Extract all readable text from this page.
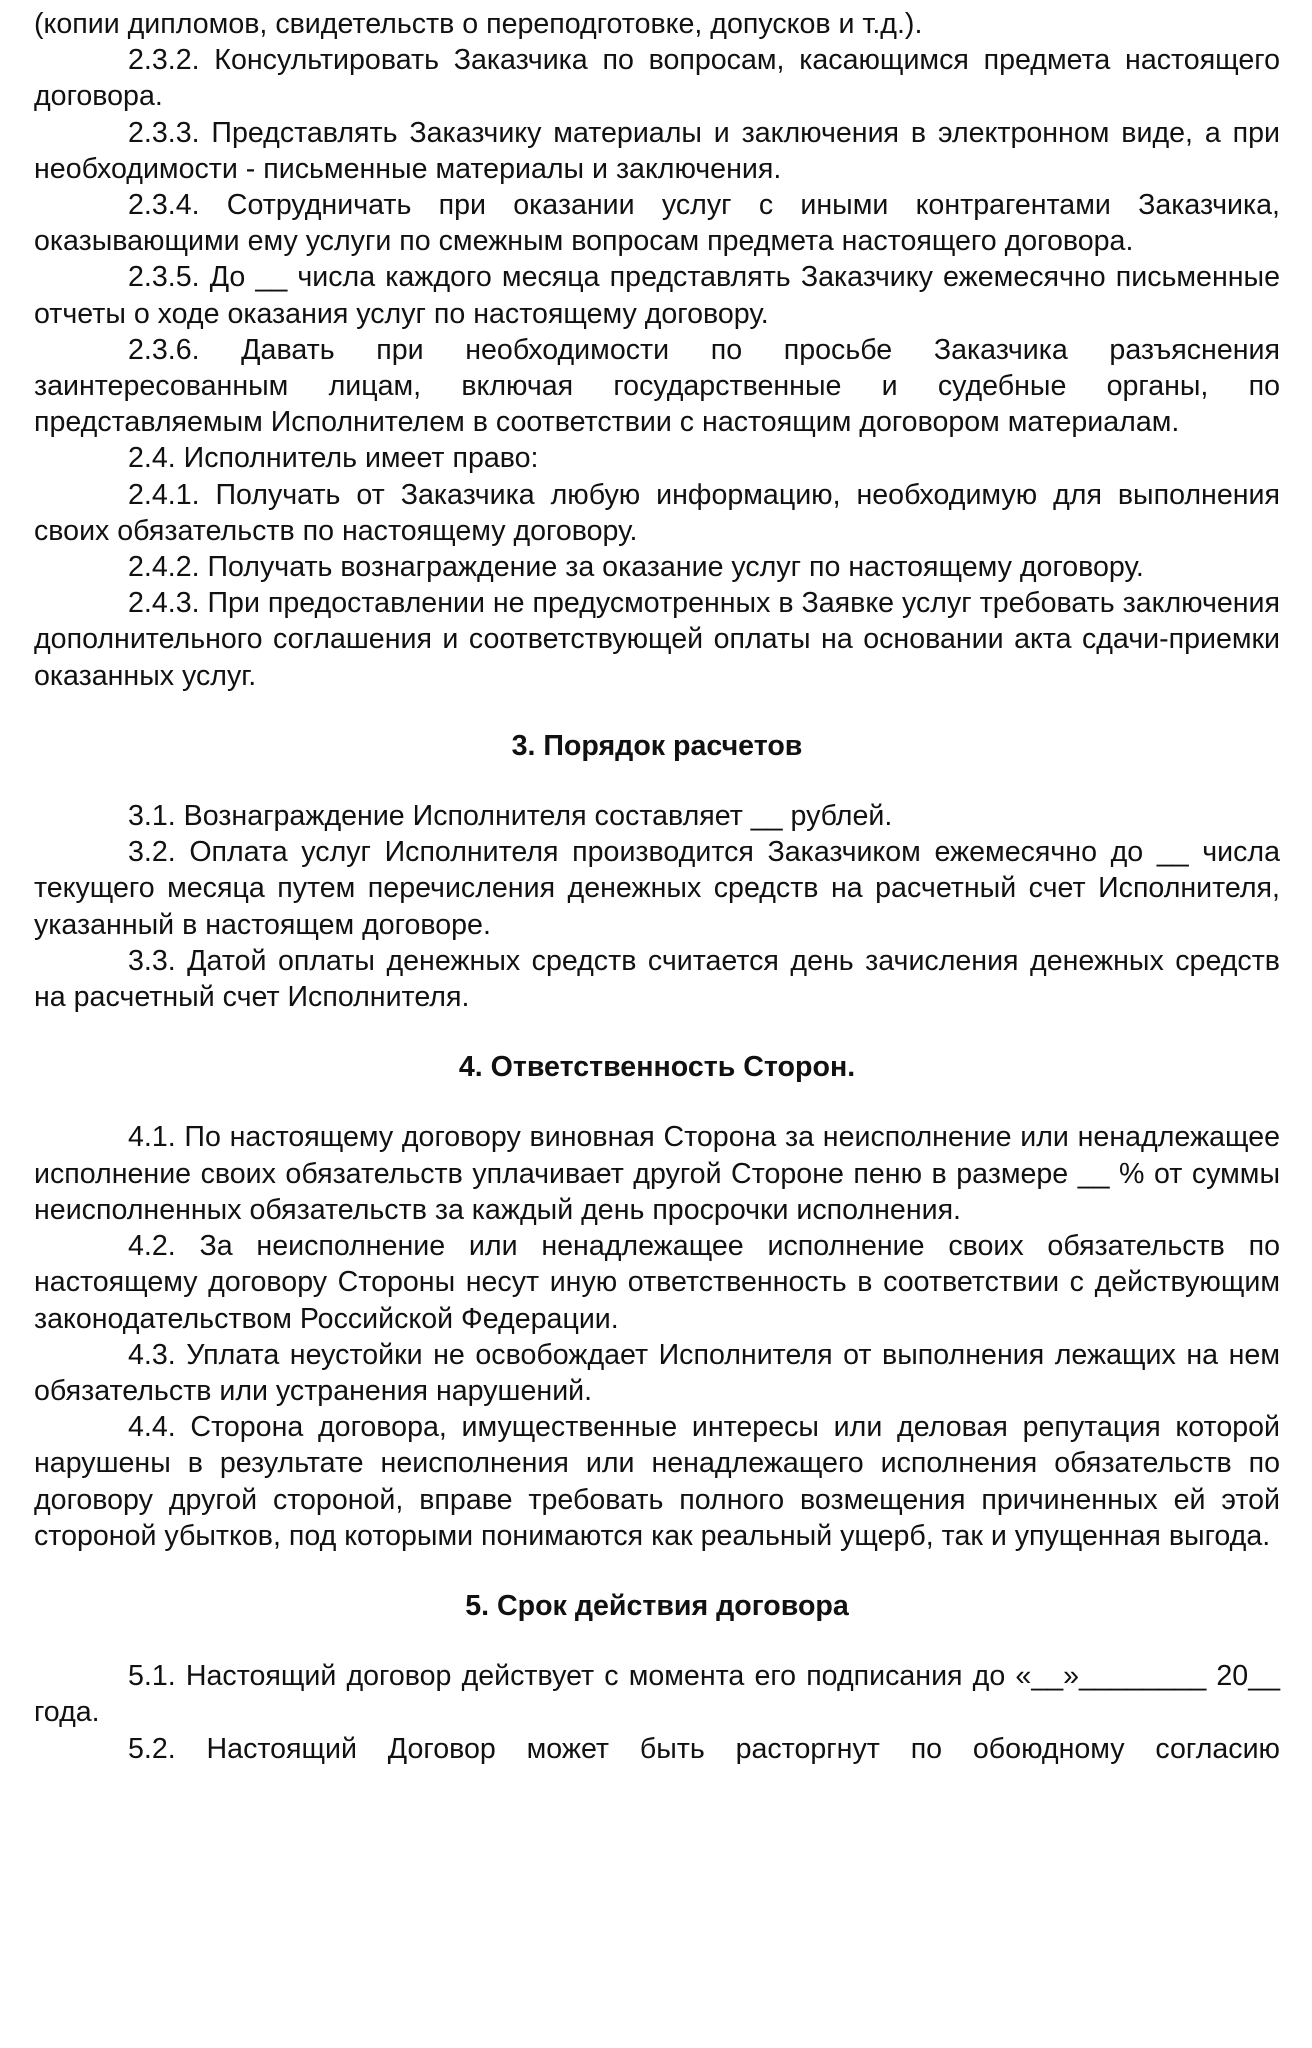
(копии дипломов, свидетельств о переподготовке, допусков и т.д.).

2.3.2. Консультировать Заказчика по вопросам, касающимся предмета настоящего договора.

2.3.3. Представлять Заказчику материалы и заключения в электронном виде, а при необходимости - письменные материалы и заключения.

2.3.4. Сотрудничать при оказании услуг с иными контрагентами Заказчика, оказывающими ему услуги по смежным вопросам предмета настоящего договора.

2.3.5. До __ числа каждого месяца представлять Заказчику ежемесячно письменные отчеты о ходе оказания услуг по настоящему договору.

2.3.6. Давать при необходимости по просьбе Заказчика разъяснения заинтересованным лицам, включая государственные и судебные органы, по представляемым Исполнителем в соответствии с настоящим договором материалам.

2.4. Исполнитель имеет право:

2.4.1. Получать от Заказчика любую информацию, необходимую для выполнения своих обязательств по настоящему договору.

2.4.2. Получать вознаграждение за оказание услуг по настоящему договору.

2.4.3. При предоставлении не предусмотренных в Заявке услуг требовать заключения дополнительного соглашения и соответствующей оплаты на основании акта сдачи-приемки оказанных услуг.

3. Порядок расчетов

3.1. Вознаграждение Исполнителя составляет __ рублей.

3.2. Оплата услуг Исполнителя производится Заказчиком ежемесячно до __ числа текущего месяца путем перечисления денежных средств на расчетный счет Исполнителя, указанный в настоящем договоре.

3.3. Датой оплаты денежных средств считается день зачисления денежных средств на расчетный счет Исполнителя.

4. Ответственность Сторон.

4.1. По настоящему договору виновная Сторона за неисполнение или ненадлежащее исполнение своих обязательств уплачивает другой Стороне пеню в размере __ % от суммы неисполненных обязательств за каждый день просрочки исполнения.

4.2. За неисполнение или ненадлежащее исполнение своих обязательств по настоящему договору Стороны несут иную ответственность в соответствии с действующим законодательством Российской Федерации.

4.3. Уплата неустойки не освобождает Исполнителя от выполнения лежащих на нем обязательств или устранения нарушений.

4.4. Сторона договора, имущественные интересы или деловая репутация которой нарушены в результате неисполнения или ненадлежащего исполнения обязательств по договору другой стороной, вправе требовать полного возмещения причиненных ей этой стороной убытков, под которыми понимаются как реальный ущерб, так и упущенная выгода.

5. Срок действия договора

5.1. Настоящий договор действует с момента его подписания до «__»________ 20__ года.

5.2. Настоящий Договор может быть расторгнут по обоюдному согласию
